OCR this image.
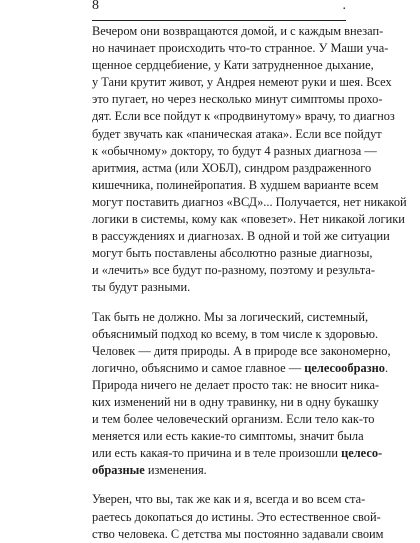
8	.
Вечером они возвращаются домой, и с каждым внезап-
но начинает происходить что-то странное. У Маши уча-
щенное сердцебиение, у Кати затрудненное дыхание,
у Тани крутит живот, у Андрея немеют руки и шея. Всех
это пугает, но через несколько минут симптомы прохо-
дят. Если все пойдут к «продвинутому» врачу, то диагноз
будет звучать как «паническая атака». Если все пойдут
к «обычному» доктору, то будут 4 разных диагноза —
аритмия, астма (или ХОБЛ), синдром раздраженного
кишечника, полинейропатия. В худшем варианте всем
могут поставить диагноз «ВСД»... Получается, нет никакой
логики в системы, кому как «повезет». Нет никакой логики
в рассуждениях и диагнозах. В одной и той же ситуации
могут быть поставлены абсолютно разные диагнозы,
и «лечить» все будут по-разному, поэтому и результа-
ты будут разными.
Так быть не должно. Мы за логический, системный,
объяснимый подход ко всему, в том числе к здоровью.
Человек — дитя природы. А в природе все закономерно,
логично, объяснимо и самое главное — целесообразно.
Природа ничего не делает просто так: не вносит ника-
ких изменений ни в одну травинку, ни в одну букашку
и тем более человеческий организм. Если тело как-то
меняется или есть какие-то симптомы, значит была
или есть какая-то причина и в теле произошли целесо-
образные изменения.
Уверен, что вы, так же как и я, всегда и во всем ста-
раетесь докопаться до истины. Это естественное свой-
ство человека. С детства мы постоянно задавали своим
